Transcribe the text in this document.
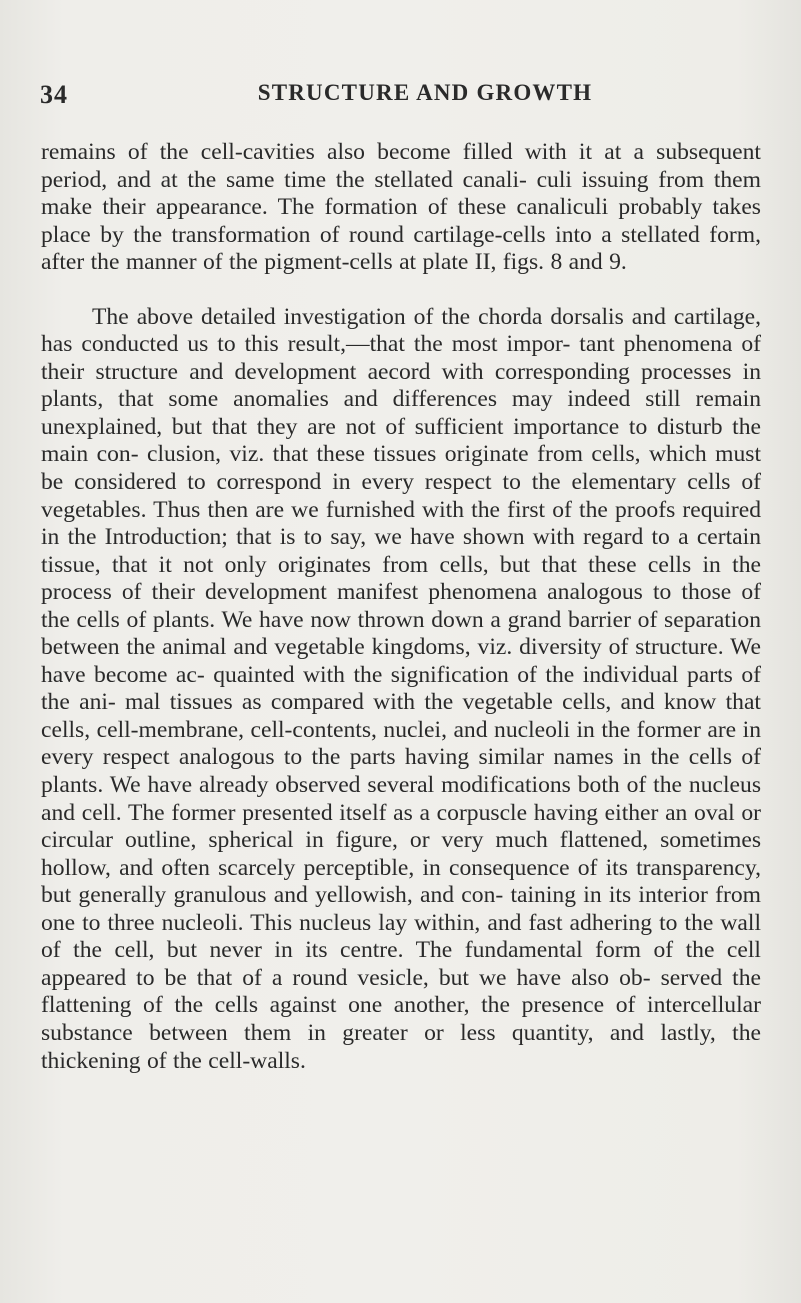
34	STRUCTURE AND GROWTH

remains of the cell-cavities also become filled with it at a subsequent period, and at the same time the stellated canali- culi issuing from them make their appearance. The formation of these canaliculi probably takes place by the transformation of round cartilage-cells into a stellated form, after the manner of the pigment-cells at plate II, figs. 8 and 9.

The above detailed investigation of the chorda dorsalis and cartilage, has conducted us to this result,—that the most impor- tant phenomena of their structure and development aecord with corresponding processes in plants, that some anomalies and differences may indeed still remain unexplained, but that they are not of sufficient importance to disturb the main con- clusion, viz. that these tissues originate from cells, which must be considered to correspond in every respect to the elementary cells of vegetables. Thus then are we furnished with the first of the proofs required in the Introduction; that is to say, we have shown with regard to a certain tissue, that it not only originates from cells, but that these cells in the process of their development manifest phenomena analogous to those of the cells of plants. We have now thrown down a grand barrier of separation between the animal and vegetable kingdoms, viz. diversity of structure. We have become ac- quainted with the signification of the individual parts of the ani- mal tissues as compared with the vegetable cells, and know that cells, cell-membrane, cell-contents, nuclei, and nucleoli in the former are in every respect analogous to the parts having similar names in the cells of plants. We have already observed several modifications both of the nucleus and cell. The former presented itself as a corpuscle having either an oval or circular outline, spherical in figure, or very much flattened, sometimes hollow, and often scarcely perceptible, in consequence of its transparency, but generally granulous and yellowish, and con- taining in its interior from one to three nucleoli. This nucleus lay within, and fast adhering to the wall of the cell, but never in its centre. The fundamental form of the cell appeared to be that of a round vesicle, but we have also ob- served the flattening of the cells against one another, the presence of intercellular substance between them in greater or less quantity, and lastly, the thickening of the cell-walls.
